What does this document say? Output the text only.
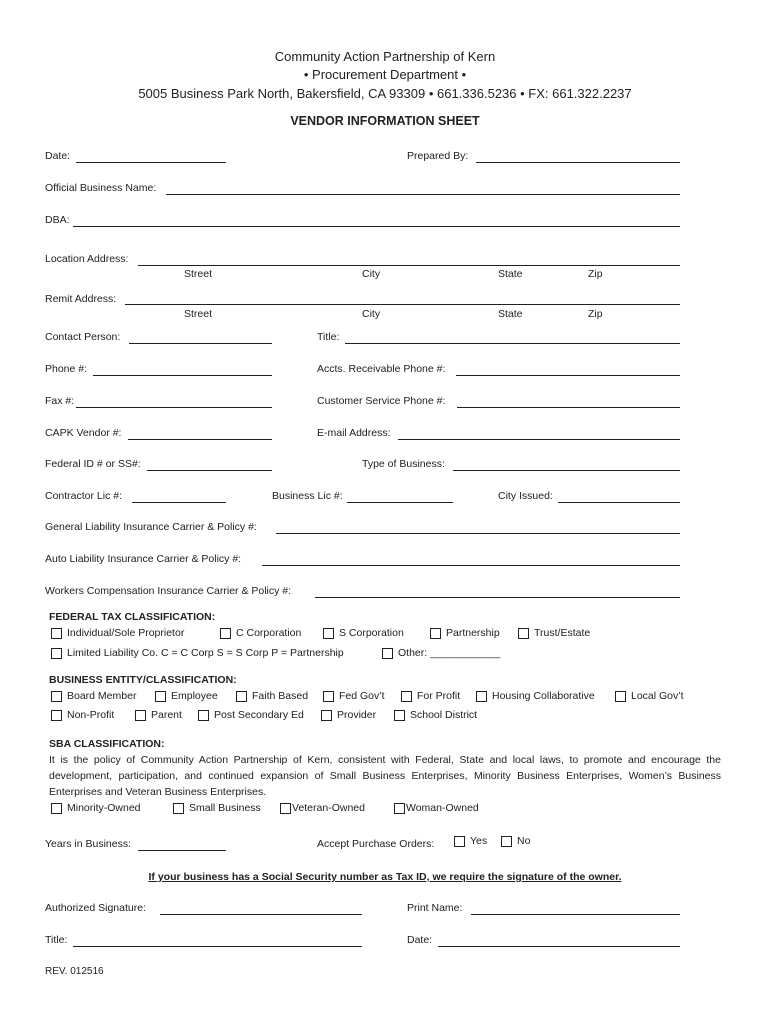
Community Action Partnership of Kern
• Procurement Department •
5005 Business Park North, Bakersfield, CA 93309 • 661.336.5236 • FX: 661.322.2237
VENDOR INFORMATION SHEET
Date:	Prepared By:
Official Business Name:
DBA:
Location Address:
Street	City	State	Zip
Remit Address:
Street	City	State	Zip
Contact Person:	Title:
Phone #:	Accts. Receivable Phone #:
Fax #:	Customer Service Phone #:
CAPK Vendor #:	E-mail Address:
Federal ID # or SS#:	Type of Business:
Contractor Lic #:	Business Lic #:	City Issued:
General Liability Insurance Carrier & Policy #:
Auto Liability Insurance Carrier & Policy #:
Workers Compensation Insurance Carrier & Policy #:
FEDERAL TAX CLASSIFICATION:
Individual/Sole Proprietor	C Corporation	S Corporation	Partnership	Trust/Estate
Limited Liability Co. C = C Corp S = S Corp P = Partnership	Other: ____________
BUSINESS ENTITY/CLASSIFICATION:
Board Member	Employee	Faith Based	Fed Gov’t	For Profit	Housing Collaborative	Local Gov’t
Non-Profit	Parent	Post Secondary Ed	Provider	School District
SBA CLASSIFICATION:
It is the policy of Community Action Partnership of Kern, consistent with Federal, State and local laws, to promote and encourage the development, participation, and continued expansion of Small Business Enterprises, Minority Business Enterprises, Women’s Business Enterprises and Veteran Business Enterprises.
Minority-Owned	Small Business	Veteran-Owned	Woman-Owned
Years in Business:	Accept Purchase Orders:	Yes	No
If your business has a Social Security number as Tax ID, we require the signature of the owner.
Authorized Signature:	Print Name:
Title:	Date:
REV. 012516
